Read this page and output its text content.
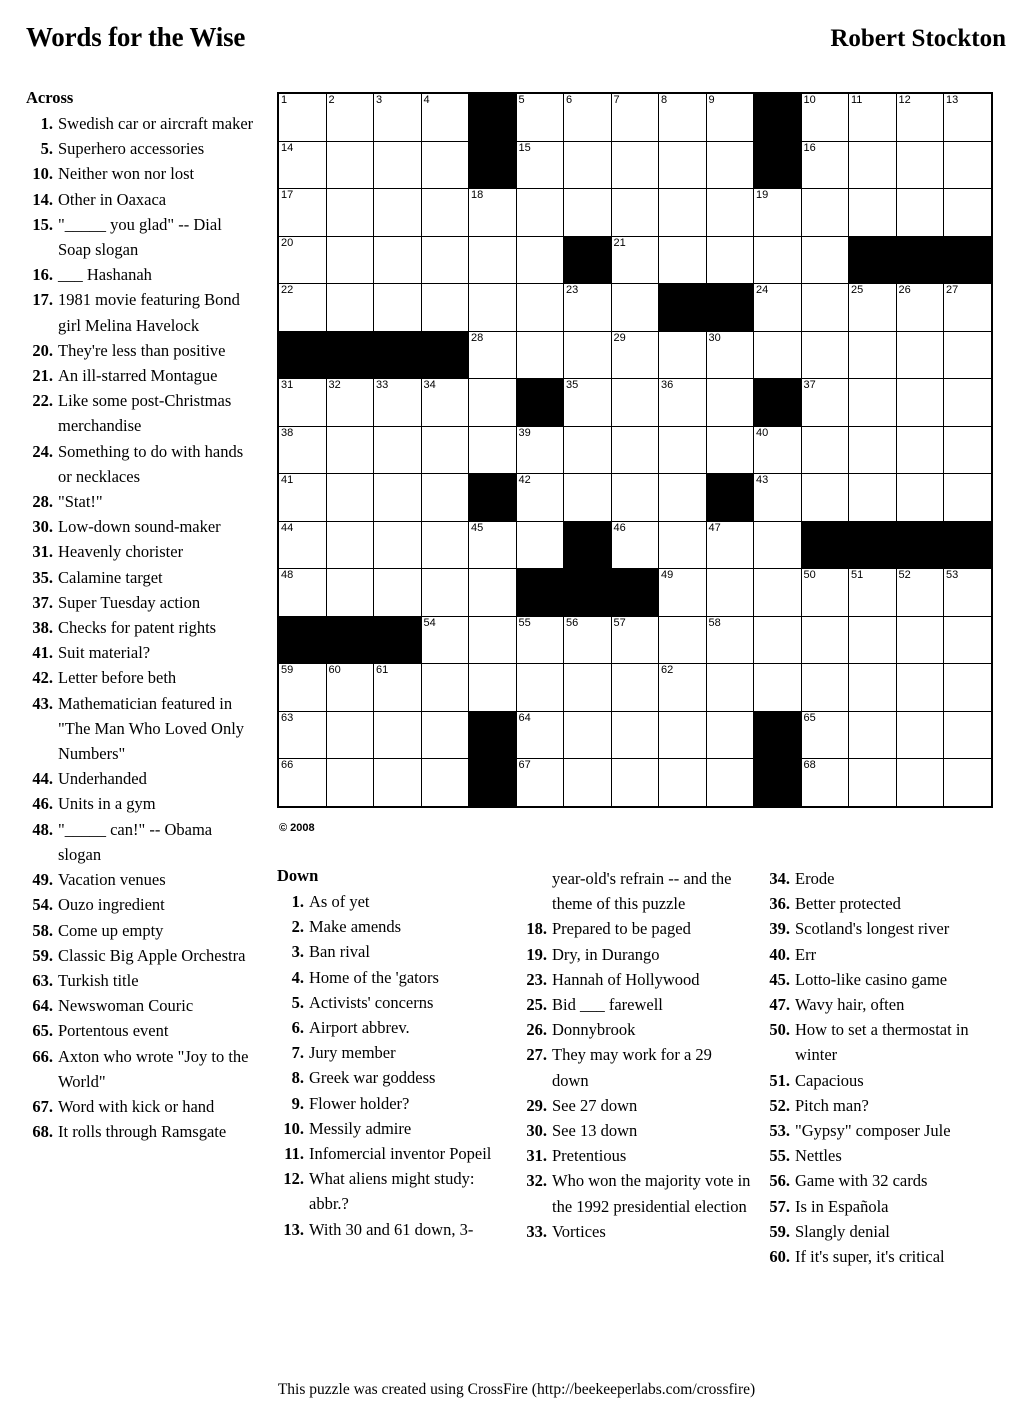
Words for the Wise	Robert Stockton
Across
1. Swedish car or aircraft maker
5. Superhero accessories
10. Neither won nor lost
14. Other in Oaxaca
15. "_____ you glad" -- Dial Soap slogan
16. ___ Hashanah
17. 1981 movie featuring Bond girl Melina Havelock
20. They're less than positive
21. An ill-starred Montague
22. Like some post-Christmas merchandise
24. Something to do with hands or necklaces
28. "Stat!"
30. Low-down sound-maker
31. Heavenly chorister
35. Calamine target
37. Super Tuesday action
38. Checks for patent rights
41. Suit material?
42. Letter before beth
43. Mathematician featured in "The Man Who Loved Only Numbers"
44. Underhanded
46. Units in a gym
48. "_____ can!" -- Obama slogan
49. Vacation venues
54. Ouzo ingredient
58. Come up empty
59. Classic Big Apple Orchestra
63. Turkish title
64. Newswoman Couric
65. Portentous event
66. Axton who wrote "Joy to the World"
67. Word with kick or hand
68. It rolls through Ramsgate
1	2	3	4		5	6	7	8	9		10	11	12	13

14					15						16			

17				18						19				

20							21							

22						23				24		25	26	27

				28			29		30					

31	32	33	34			35		36			37			

38					39					40				

41					42					43				

44				45			46		47					

48								49			50	51	52	53

			54		55	56	57		58					

59	60	61						62						

63					64						65			

66					67						68			

© 2008
Down
1. As of yet
2. Make amends
3. Ban rival
4. Home of the 'gators
5. Activists' concerns
6. Airport abbrev.
7. Jury member
8. Greek war goddess
9. Flower holder?
10. Messily admire
11. Infomercial inventor Popeil
12. What aliens might study: abbr.?
13. With 30 and 61 down, 3-
year-old's refrain -- and the theme of this puzzle
18. Prepared to be paged
19. Dry, in Durango
23. Hannah of Hollywood
25. Bid ___ farewell
26. Donnybrook
27. They may work for a 29 down
29. See 27 down
30. See 13 down
31. Pretentious
32. Who won the majority vote in the 1992 presidential election
33. Vortices
34. Erode
36. Better protected
39. Scotland's longest river
40. Err
45. Lotto-like casino game
47. Wavy hair, often
50. How to set a thermostat in winter
51. Capacious
52. Pitch man?
53. "Gypsy" composer Jule
55. Nettles
56. Game with 32 cards
57. Is in Española
59. Slangly denial
60. If it's super, it's critical
This puzzle was created using CrossFire (http://beekeeperlabs.com/crossfire)
